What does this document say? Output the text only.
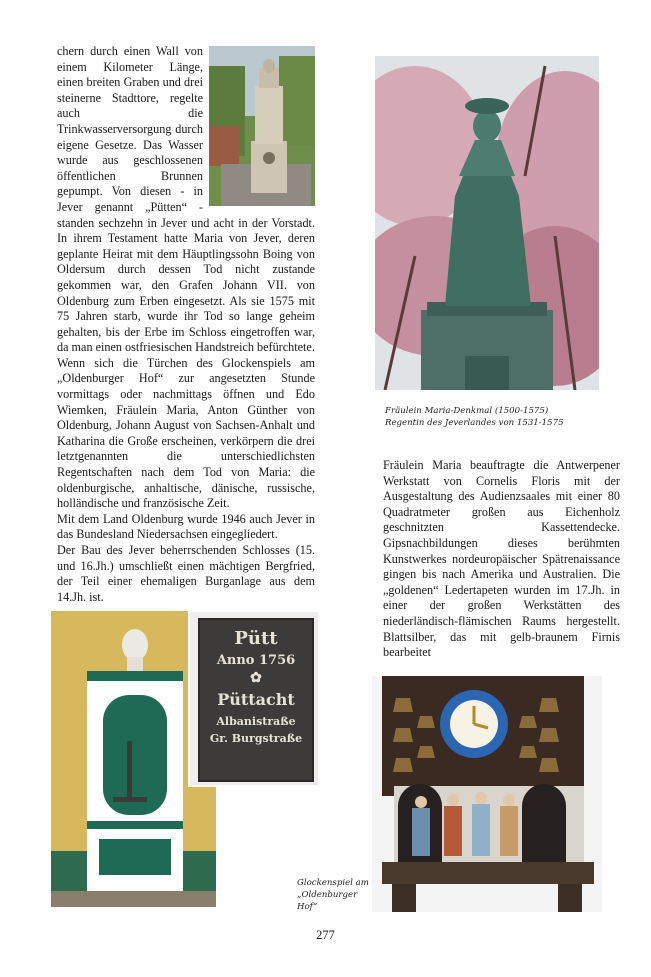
chern durch einen Wall von einem Kilometer Länge, einen breiten Graben und drei steinerne Stadttore, regelte auch die Trinkwasserversorgung durch eigene Gesetze. Das Wasser wurde aus geschlossenen öffentlichen Brunnen gepumpt. Von diesen - in Jever genannt „Pütten“ - standen sechzehn in Jever und acht in der Vorstadt. In ihrem Testament hatte Maria von Jever, deren geplante Heirat mit dem Häuptlingssohn Boing von Oldersum durch dessen Tod nicht zustande gekommen war, den Grafen Johann VII. von Oldenburg zum Erben eingesetzt. Als sie 1575 mit 75 Jahren starb, wurde ihr Tod so lange geheim gehalten, bis der Erbe im Schloss eingetroffen war, da man einen ostfriesischen Handstreich befürchtete.

Wenn sich die Türchen des Glockenspiels am „Oldenburger Hof“ zur angesetzten Stunde vormittags oder nachmittags öffnen und Edo Wiemken, Fräulein Maria, Anton Günther von Oldenburg, Johann August von Sachsen-Anhalt und Katharina die Große erscheinen, verkörpern die drei letztgenannten die unterschiedlichsten Regentschaften nach dem Tod von Maria: die oldenburgische, anhaltische, dänische, russische, holländische und französische Zeit.

Mit dem Land Oldenburg wurde 1946 auch Jever in das Bundesland Niedersachsen eingegliedert.

Der Bau des Jever beherrschenden Schlosses (15. und 16.Jh.) umschließt einen mächtigen Bergfried, der Teil einer ehemaligen Burganlage aus dem 14.Jh. ist.

Fräulein Maria-Denkmal (1500-1575)
Regentin des Jeverlandes von 1531-1575

Fräulein Maria beauftragte die Antwerpener Werkstatt von Cornelis Floris mit der Ausgestaltung des Audienzsaales mit einer 80 Quadratmeter großen aus Eichenholz geschnitzten Kassettendecke. Gipsnachbildungen dieses berühmten Kunstwerkes nordeuropäischer Spätrenaissance gingen bis nach Amerika und Australien. Die „goldenen“ Ledertapeten wurden im 17.Jh. in einer der großen Werkstätten des niederländisch-flämischen Raums hergestellt. Blattsilber, das mit gelb-braunem Firnis bearbeitet

Pütt
Anno 1756
✿
Püttacht
Albanistraße
Gr. Burgstraße
Glockenspiel am
„Oldenburger Hof“
277
